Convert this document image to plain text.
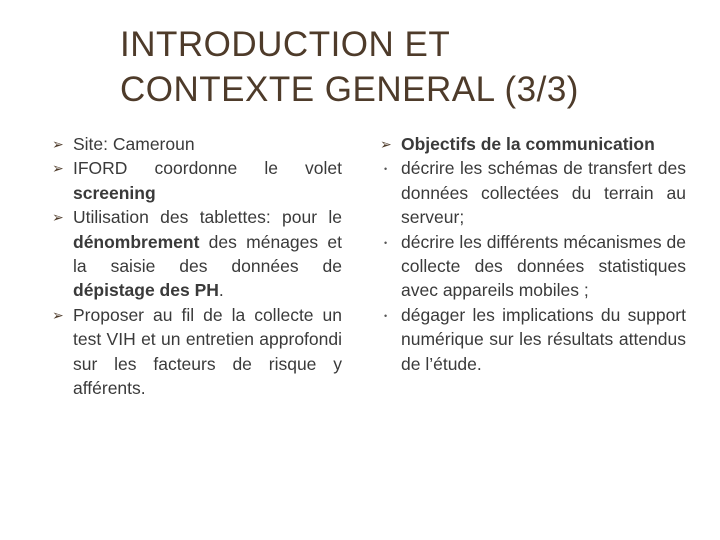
INTRODUCTION ET
CONTEXTE GENERAL (3/3)
➢ Site: Cameroun
➢ IFORD coordonne le volet screening
➢ Utilisation des tablettes: pour le dénombrement des ménages et la saisie des données de dépistage des PH.
➢ Proposer au fil de la collecte un test VIH et un entretien approfondi sur les facteurs de risque y afférents.
➢ Objectifs de la communication
• décrire les schémas de transfert des données collectées du terrain au serveur;
• décrire les différents mécanismes de collecte des données statistiques avec appareils mobiles ;
• dégager les implications du support numérique sur les résultats attendus de l’étude.
